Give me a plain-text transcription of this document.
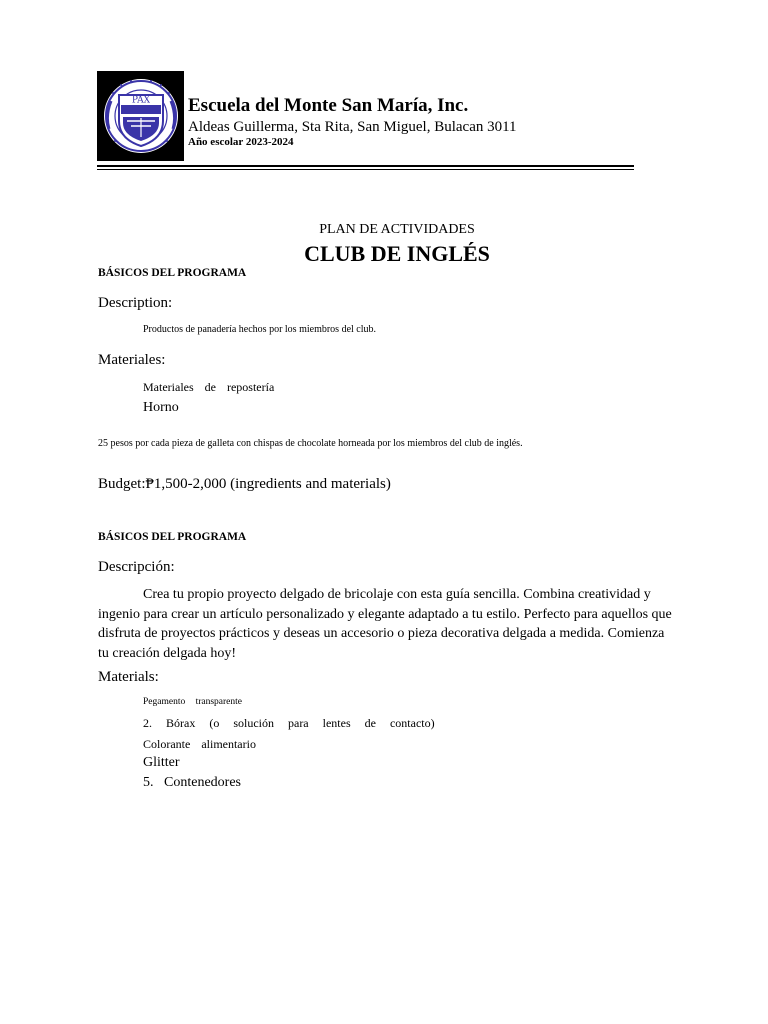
PAX Escuela del Monte San María, Inc.
Aldeas Guillerma, Sta Rita, San Miguel, Bulacan 3011
Año escolar 2023-2024
PLAN DE ACTIVIDADES
CLUB DE INGLÉS
BÁSICOS DEL PROGRAMA
Description:
Productos de panadería hechos por los miembros del club.
Materiales:
Materiales de repostería
Horno
25 pesos por cada pieza de galleta con chispas de chocolate horneada por los miembros del club de inglés.
Budget:₱1,500-2,000 (ingredients and materials)
BÁSICOS DEL PROGRAMA
Descripción:
Crea tu propio proyecto delgado de bricolaje con esta guía sencilla. Combina creatividad y ingenio para crear un artículo personalizado y elegante adaptado a tu estilo. Perfecto para aquellos que disfruta de proyectos prácticos y deseas un accesorio o pieza decorativa delgada a medida. Comienza tu creación delgada hoy!
Materials:
Pegamento transparente
2. Bórax (o solución para lentes de contacto)
Colorante alimentario
Glitter
5.   Contenedores
